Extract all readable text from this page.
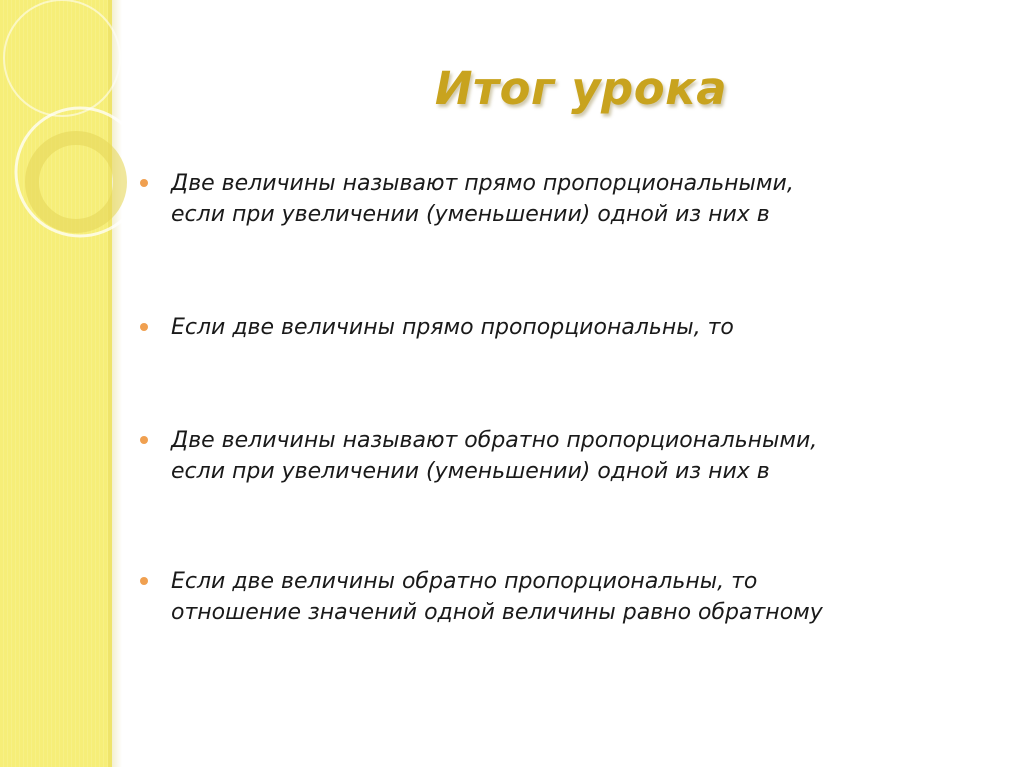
Итог урока
Две величины называют прямо пропорциональными,
если при увеличении (уменьшении) одной из них в
Если две величины прямо пропорциональны, то
Две величины называют обратно пропорциональными,
если при увеличении (уменьшении) одной из них в
Если две величины обратно пропорциональны, то
отношение значений одной величины равно обратному
